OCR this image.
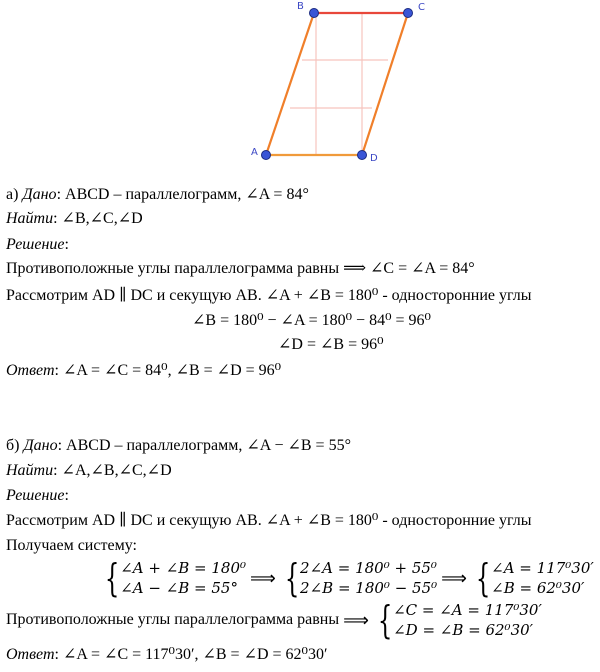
A
B	C
D
а) Дано: ABCD – параллелограмм, ∠A = 84°
Найти: ∠B,∠C,∠D
Решение:
Противоположные углы параллелограмма равны ⟹ ∠C = ∠A = 84°
Рассмотрим AD ∥ DC и секущую AB. ∠A + ∠B = 180⁰ - односторонние углы
∠B = 180⁰ − ∠A = 180⁰ − 84⁰ = 96⁰
∠D = ∠B = 96⁰
Ответ: ∠A = ∠C = 84⁰, ∠B = ∠D = 96⁰
б) Дано: ABCD – параллелограмм, ∠A − ∠B = 55°
Найти: ∠A,∠B,∠C,∠D
Решение:
Рассмотрим AD ∥ DC и секущую AB. ∠A + ∠B = 180⁰ - односторонние углы
Получаем систему:
{ ∠A + ∠B = 180⁰
∠A − ∠B = 55° ⟹ { 2∠A = 180⁰ + 55⁰
2∠B = 180⁰ − 55⁰ ⟹ { ∠A = 117⁰30′
∠B = 62⁰30′
Противоположные углы параллелограмма равны ⟹ { ∠C = ∠A = 117⁰30′
∠D = ∠B = 62⁰30′
Ответ: ∠A = ∠C = 117⁰30′, ∠B = ∠D = 62⁰30′
